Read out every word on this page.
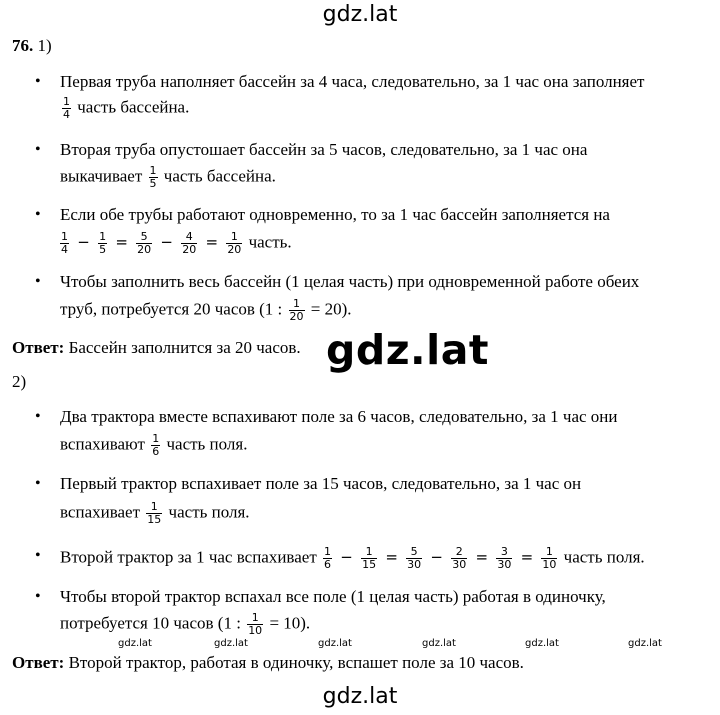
gdz.lat
gdz.lat
gdz.lat
gdz.lat	gdz.lat	gdz.lat	gdz.lat	gdz.lat	gdz.lat
76. 1)
• Первая труба наполняет бассейн за 4 часа, следовательно, за 1 час она заполняет
$\frac{1}{4}$ часть бассейна.
• Вторая труба опустошает бассейн за 5 часов, следовательно, за 1 час она
выкачивает $\frac{1}{5}$ часть бассейна.
• Если обе трубы работают одновременно, то за 1 час бассейн заполняется на
$\frac{1}{4} - \frac{1}{5} = \frac{5}{20} - \frac{4}{20} = \frac{1}{20}$ часть.
• Чтобы заполнить весь бассейн (1 целая часть) при одновременной работе обеих
труб, потребуется 20 часов (1 : $\frac{1}{20} = 20$).
Ответ: Бассейн заполнится за 20 часов.
2)
• Два трактора вместе вспахивают поле за 6 часов, следовательно, за 1 час они
вспахивают $\frac{1}{6}$ часть поля.
• Первый трактор вспахивает поле за 15 часов, следовательно, за 1 час он
вспахивает $\frac{1}{15}$ часть поля.
• Второй трактор за 1 час вспахивает $\frac{1}{6} - \frac{1}{15} = \frac{5}{30} - \frac{2}{30} = \frac{3}{30} = \frac{1}{10}$ часть поля.
• Чтобы второй трактор вспахал все поле (1 целая часть) работая в одиночку,
потребуется 10 часов (1 : $\frac{1}{10} = 10$).
Ответ: Второй трактор, работая в одиночку, вспашет поле за 10 часов.
